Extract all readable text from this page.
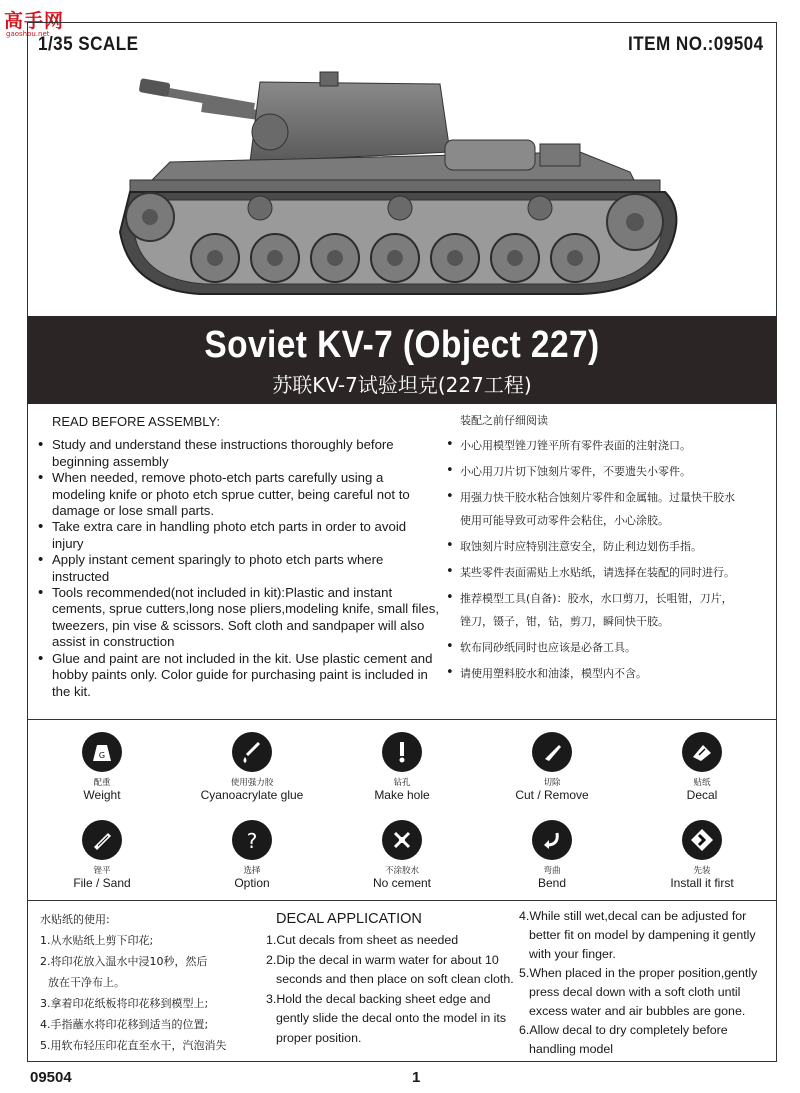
高手网
gaoshou.net
1/35 SCALE	ITEM NO.:09504
Soviet KV-7 (Object 227)
苏联KV-7试验坦克(227工程)
READ BEFORE ASSEMBLY:
• Study and understand these instructions thoroughly before beginning assembly
• When needed, remove photo-etch parts carefully using a modeling knife or photo etch sprue cutter, being careful not to damage or lose small parts.
• Take extra care in handling photo etch parts in order to avoid injury
• Apply instant cement sparingly to photo etch parts where instructed
• Tools recommended(not included in kit):Plastic and instant cements, sprue cutters,long nose pliers,modeling knife, small files, tweezers, pin vise & scissors. Soft cloth and sandpaper will also assist in construction
• Glue and paint are not included in the kit. Use plastic cement and hobby paints only. Color guide for purchasing paint is included in the kit.
装配之前仔细阅读
• 小心用模型锉刀锉平所有零件表面的注射浇口。
• 小心用刀片切下蚀刻片零件，不要遗失小零件。
• 用强力快干胶水粘合蚀刻片零件和金属轴。过量快干胶水
使用可能导致可动零件会粘住，小心涂胶。
• 取蚀刻片时应特别注意安全，防止利边划伤手指。
• 某些零件表面需贴上水贴纸，请选择在装配的同时进行。
• 推荐模型工具(自备)：胶水，水口剪刀，长咀钳，刀片，
锉刀，镊子，钳，钻，剪刀，瞬间快干胶。
• 软布同砂纸同时也应该是必备工具。
• 请使用塑料胶水和油漆，模型内不含。
G
配重
Weight
使用强力胶
Cyanoacrylate glue
钻孔
Make hole
切除
Cut / Remove
贴纸
Decal
锉平
File / Sand
?
选择
Option
不涂胶水
No cement
弯曲
Bend
先装
Install it first
水贴纸的使用:
1.从水贴纸上剪下印花;
2.将印花放入温水中浸10秒，然后
放在干净布上。
3.拿着印花纸板将印花移到模型上;
4.手指蘸水将印花移到适当的位置;
5.用软布轻压印花直至水干，汽泡消失
DECAL APPLICATION
1.Cut decals from sheet as needed
2.Dip the decal in warm water for about 10
seconds and then place on soft clean cloth.
3.Hold the decal backing sheet edge and
gently slide the decal onto the model in its
proper position.
4.While still wet,decal can be adjusted for
better fit on model by dampening it gently
with your finger.
5.When placed in the proper position,gently
press decal down with a soft cloth until
excess water and air bubbles are gone.
6.Allow decal to dry completely before
handling model
09504	1
